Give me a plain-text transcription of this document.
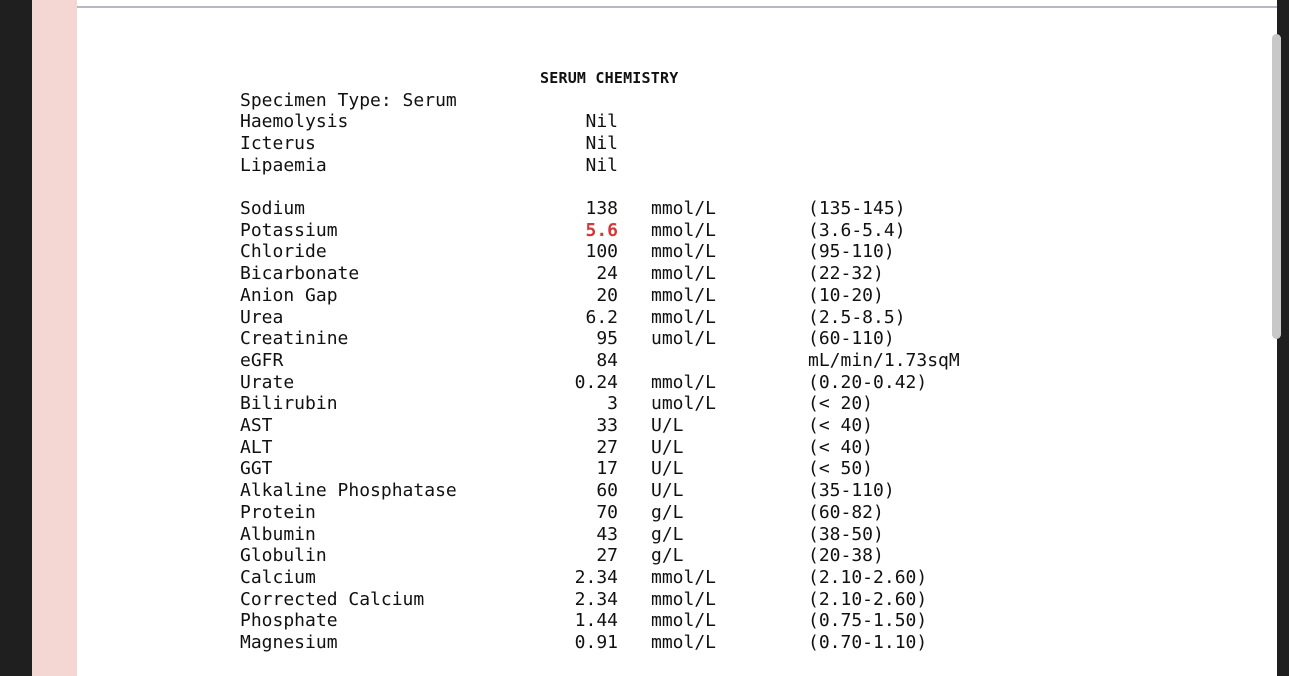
SERUM CHEMISTRY
Specimen Type: Serum
Haemolysis	Nil
Icterus	Nil
Lipaemia	Nil
Sodium	138 mmol/L	(135-145)
Potassium	5.6 mmol/L	(3.6-5.4)
Chloride	100 mmol/L	(95-110)
Bicarbonate	24 mmol/L	(22-32)
Anion Gap	20 mmol/L	(10-20)
Urea	6.2 mmol/L	(2.5-8.5)
Creatinine	95 umol/L	(60-110)
eGFR	84	mL/min/1.73sqM
Urate	0.24 mmol/L	(0.20-0.42)
Bilirubin	3 umol/L	(< 20)
AST	33 U/L	(< 40)
ALT	27 U/L	(< 40)
GGT	17 U/L	(< 50)
Alkaline Phosphatase	60 U/L	(35-110)
Protein	70 g/L	(60-82)
Albumin	43 g/L	(38-50)
Globulin	27 g/L	(20-38)
Calcium	2.34 mmol/L	(2.10-2.60)
Corrected Calcium	2.34 mmol/L	(2.10-2.60)
Phosphate	1.44 mmol/L	(0.75-1.50)
Magnesium	0.91 mmol/L	(0.70-1.10)
